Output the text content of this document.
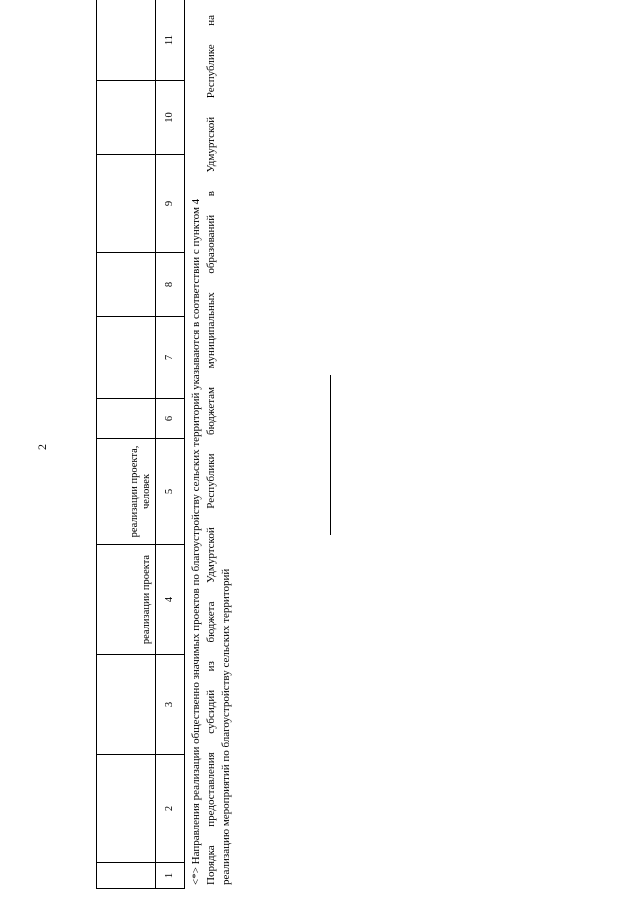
2
			реализации проекта	реализации проекта, человек						
1	2	3	4	5	6	7	8	9	10	11
<*> Направления реализации общественно значимых проектов по благоустройству сельских территорий указываются в соответствии с пунктом 4 Порядка предоставления субсидий из бюджета Удмуртской Республики бюджетам муниципальных образований в Удмуртской Республике на реализацию мероприятий по благоустройству сельских территорий
